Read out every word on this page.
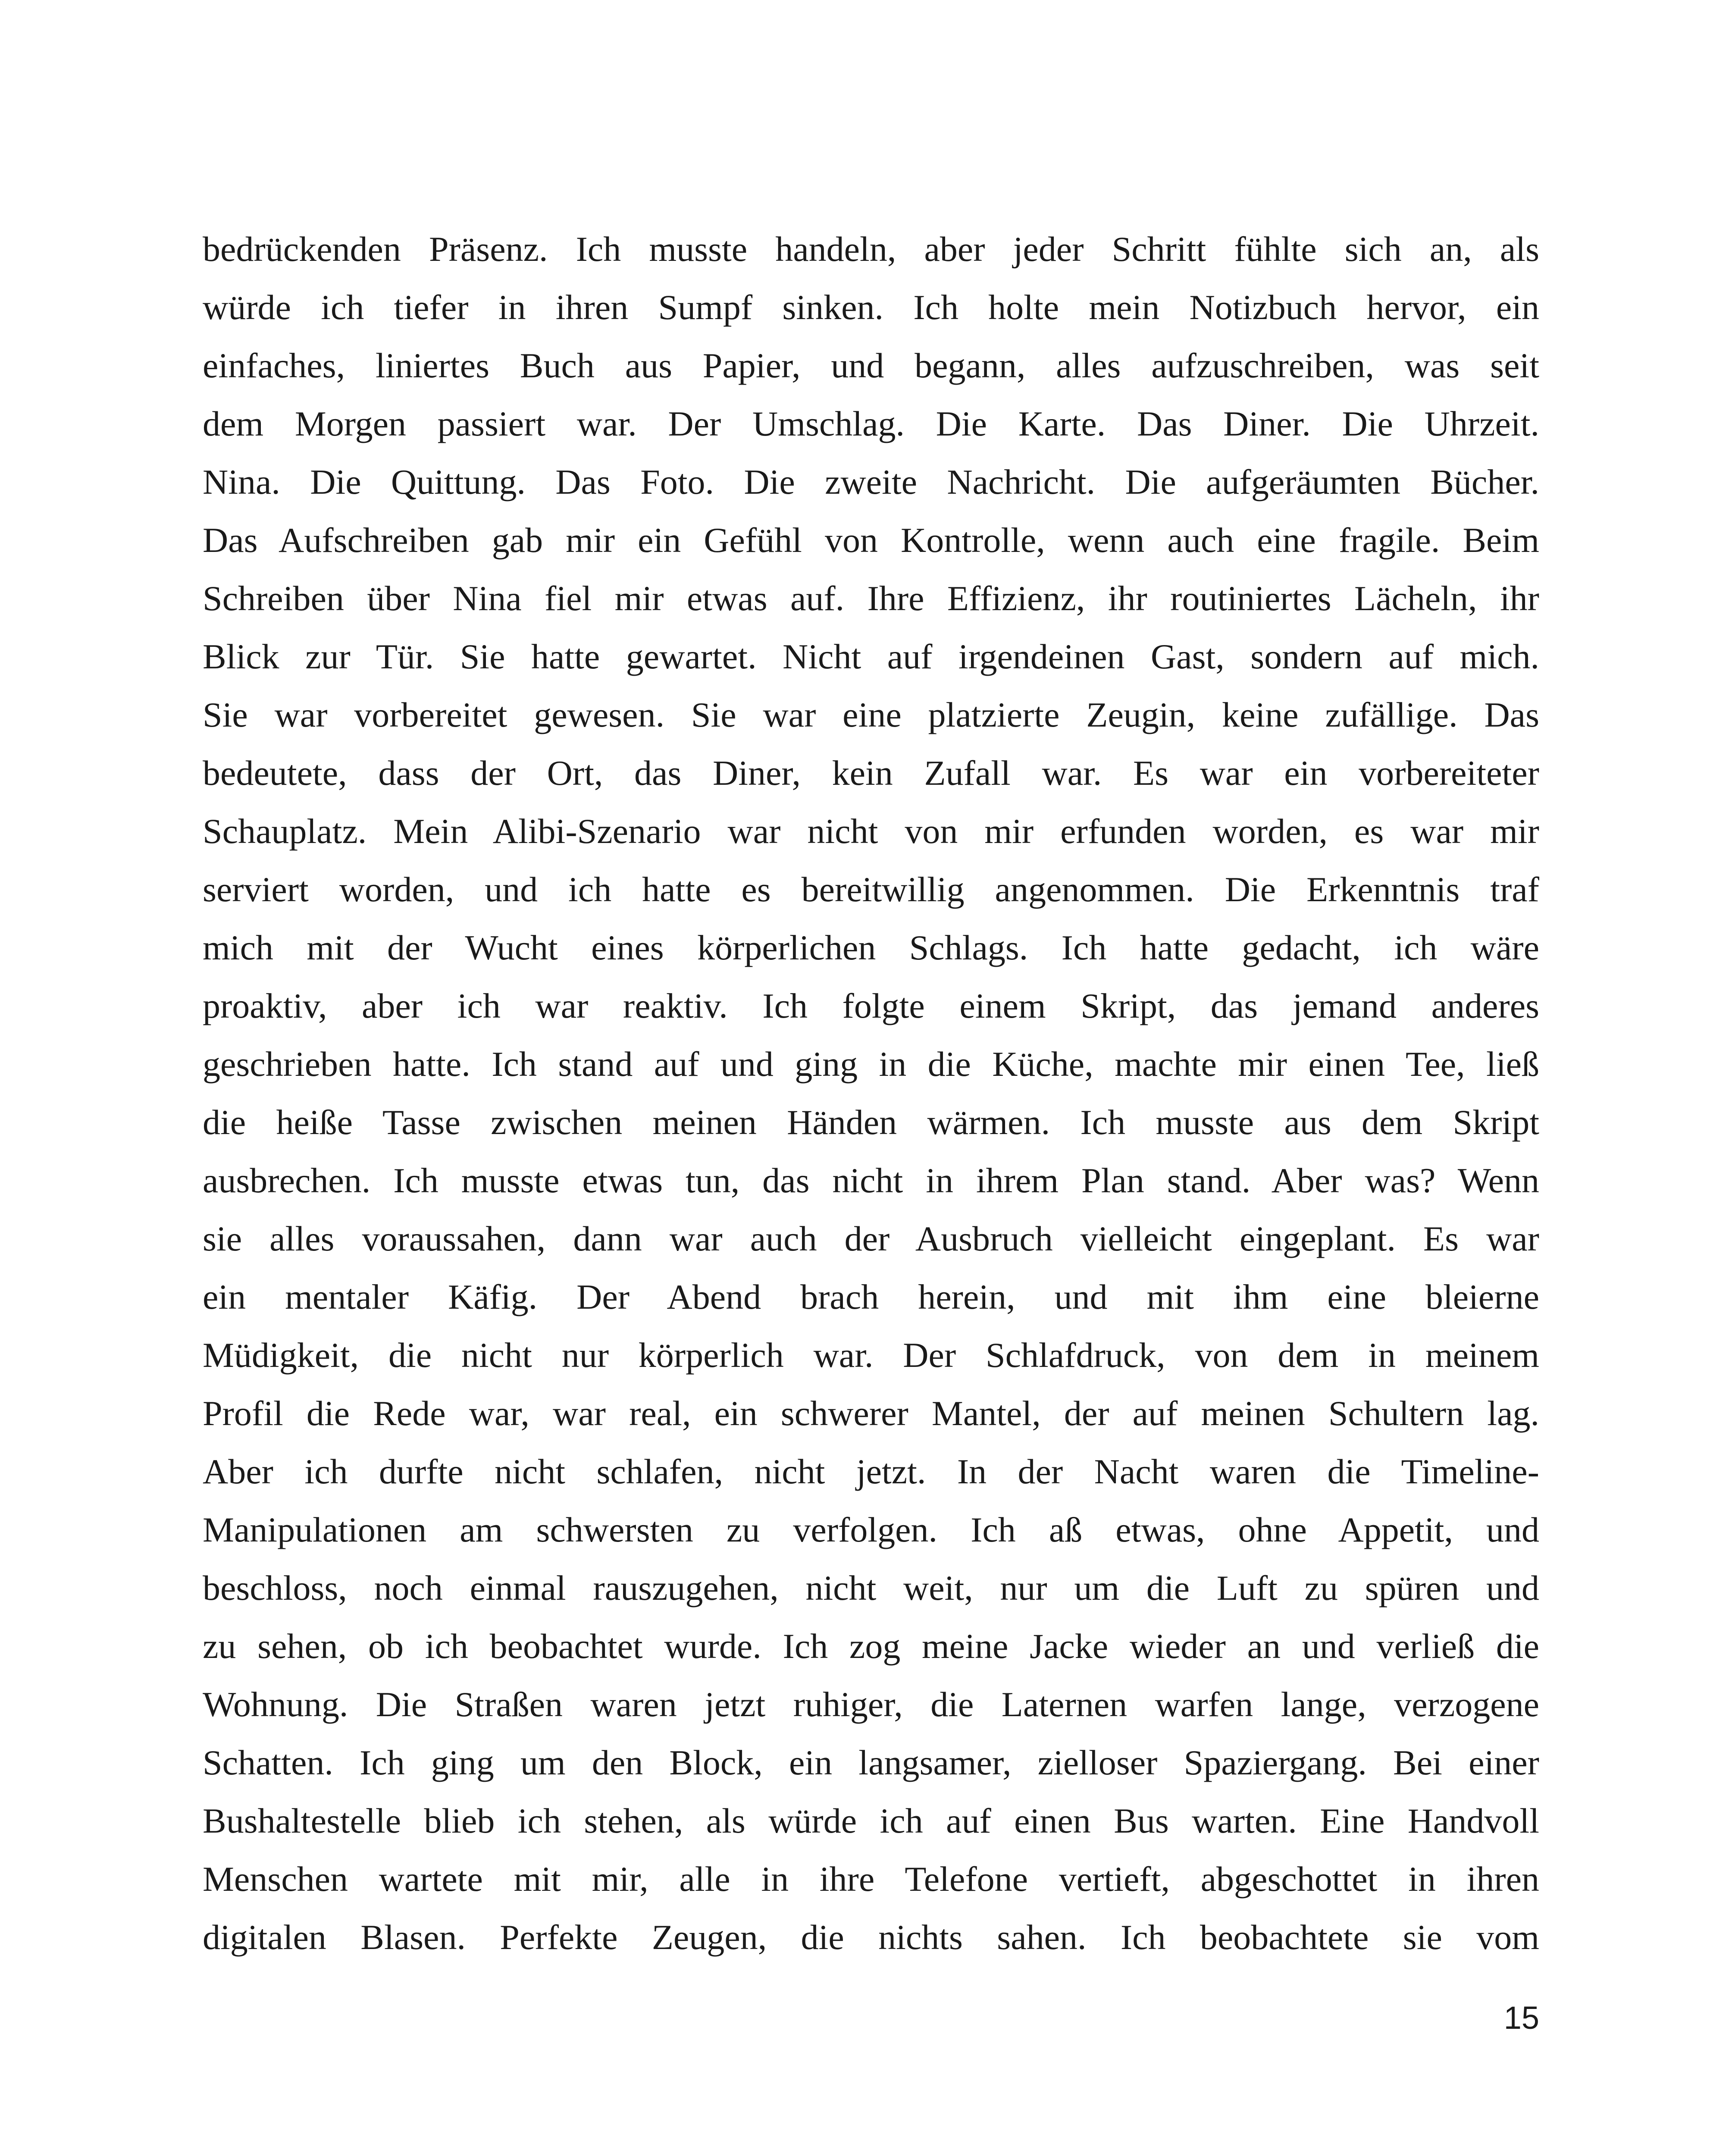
bedrückenden Präsenz. Ich musste handeln, aber jeder Schritt fühlte sich an, als
würde ich tiefer in ihren Sumpf sinken. Ich holte mein Notizbuch hervor, ein
einfaches, liniertes Buch aus Papier, und begann, alles aufzuschreiben, was seit
dem Morgen passiert war. Der Umschlag. Die Karte. Das Diner. Die Uhrzeit.
Nina. Die Quittung. Das Foto. Die zweite Nachricht. Die aufgeräumten Bücher.
Das Aufschreiben gab mir ein Gefühl von Kontrolle, wenn auch eine fragile. Beim
Schreiben über Nina fiel mir etwas auf. Ihre Effizienz, ihr routiniertes Lächeln, ihr
Blick zur Tür. Sie hatte gewartet. Nicht auf irgendeinen Gast, sondern auf mich.
Sie war vorbereitet gewesen. Sie war eine platzierte Zeugin, keine zufällige. Das
bedeutete, dass der Ort, das Diner, kein Zufall war. Es war ein vorbereiteter
Schauplatz. Mein Alibi-Szenario war nicht von mir erfunden worden, es war mir
serviert worden, und ich hatte es bereitwillig angenommen. Die Erkenntnis traf
mich mit der Wucht eines körperlichen Schlags. Ich hatte gedacht, ich wäre
proaktiv, aber ich war reaktiv. Ich folgte einem Skript, das jemand anderes
geschrieben hatte. Ich stand auf und ging in die Küche, machte mir einen Tee, ließ
die heiße Tasse zwischen meinen Händen wärmen. Ich musste aus dem Skript
ausbrechen. Ich musste etwas tun, das nicht in ihrem Plan stand. Aber was? Wenn
sie alles voraussahen, dann war auch der Ausbruch vielleicht eingeplant. Es war
ein mentaler Käfig. Der Abend brach herein, und mit ihm eine bleierne
Müdigkeit, die nicht nur körperlich war. Der Schlafdruck, von dem in meinem
Profil die Rede war, war real, ein schwerer Mantel, der auf meinen Schultern lag.
Aber ich durfte nicht schlafen, nicht jetzt. In der Nacht waren die Timeline-
Manipulationen am schwersten zu verfolgen. Ich aß etwas, ohne Appetit, und
beschloss, noch einmal rauszugehen, nicht weit, nur um die Luft zu spüren und
zu sehen, ob ich beobachtet wurde. Ich zog meine Jacke wieder an und verließ die
Wohnung. Die Straßen waren jetzt ruhiger, die Laternen warfen lange, verzogene
Schatten. Ich ging um den Block, ein langsamer, zielloser Spaziergang. Bei einer
Bushaltestelle blieb ich stehen, als würde ich auf einen Bus warten. Eine Handvoll
Menschen wartete mit mir, alle in ihre Telefone vertieft, abgeschottet in ihren
digitalen Blasen. Perfekte Zeugen, die nichts sahen. Ich beobachtete sie vom
15
